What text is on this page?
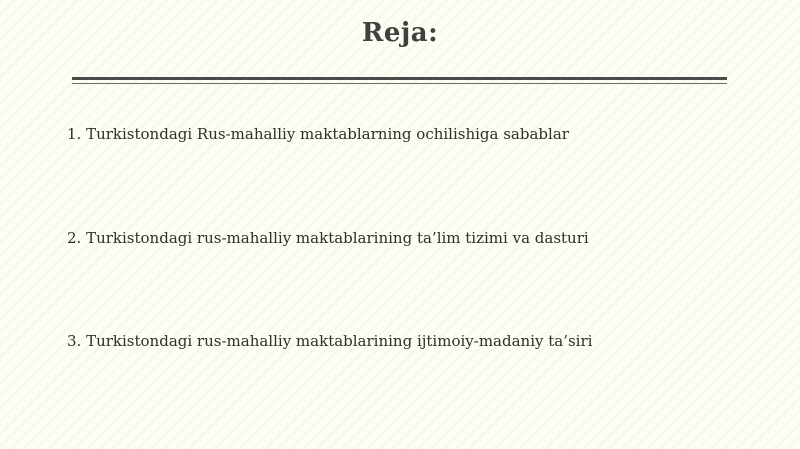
Reja:
1. Turkistondagi Rus-mahalliy maktablarning ochilishiga sabablar
2. Turkistondagi rus-mahalliy maktablarining ta’lim tizimi va dasturi
3. Turkistondagi rus-mahalliy maktablarining ijtimoiy-madaniy ta’siri
